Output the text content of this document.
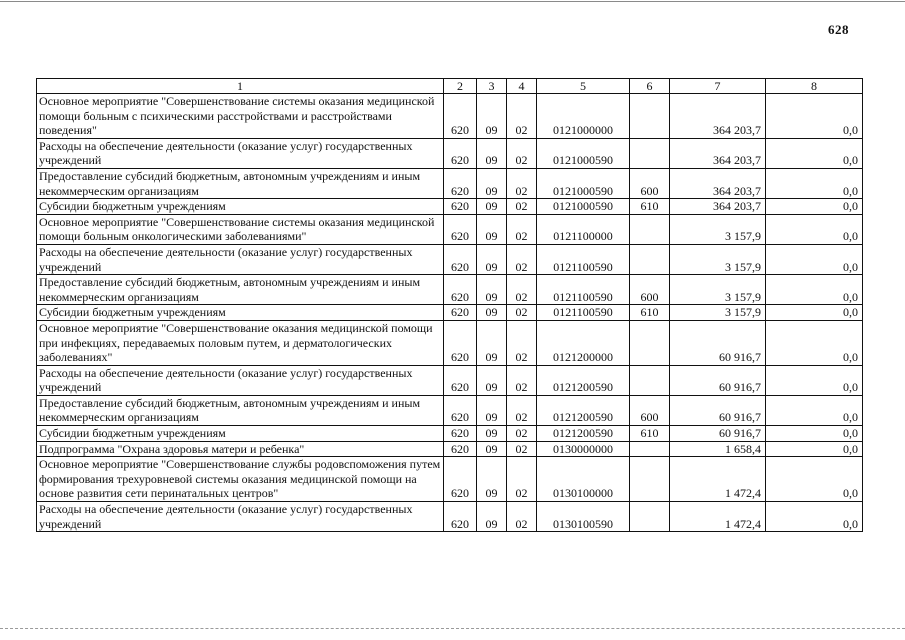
628
1	2	3	4	5	6	7	8
Основное мероприятие "Совершенствование системы оказания медицинской помощи больным с психическими расстройствами и расстройствами поведения"	620	09	02	0121000000		364 203,7	0,0
Расходы на обеспечение деятельности (оказание услуг) государственных учреждений	620	09	02	0121000590		364 203,7	0,0
Предоставление субсидий бюджетным, автономным учреждениям и иным некоммерческим организациям	620	09	02	0121000590	600	364 203,7	0,0
Субсидии бюджетным учреждениям	620	09	02	0121000590	610	364 203,7	0,0
Основное мероприятие "Совершенствование системы оказания медицинской помощи больным онкологическими заболеваниями"	620	09	02	0121100000		3 157,9	0,0
Расходы на обеспечение деятельности (оказание услуг) государственных учреждений	620	09	02	0121100590		3 157,9	0,0
Предоставление субсидий бюджетным, автономным учреждениям и иным некоммерческим организациям	620	09	02	0121100590	600	3 157,9	0,0
Субсидии бюджетным учреждениям	620	09	02	0121100590	610	3 157,9	0,0
Основное мероприятие "Совершенствование оказания медицинской помощи при инфекциях, передаваемых половым путем, и дерматологических заболеваниях"	620	09	02	0121200000		60 916,7	0,0
Расходы на обеспечение деятельности (оказание услуг) государственных учреждений	620	09	02	0121200590		60 916,7	0,0
Предоставление субсидий бюджетным, автономным учреждениям и иным некоммерческим организациям	620	09	02	0121200590	600	60 916,7	0,0
Субсидии бюджетным учреждениям	620	09	02	0121200590	610	60 916,7	0,0
Подпрограмма "Охрана здоровья матери и ребенка"	620	09	02	0130000000		1 658,4	0,0
Основное мероприятие "Совершенствование службы родовспоможения путем формирования трехуровневой системы оказания медицинской помощи на основе развития сети перинатальных центров"	620	09	02	0130100000		1 472,4	0,0
Расходы на обеспечение деятельности (оказание услуг) государственных учреждений	620	09	02	0130100590		1 472,4	0,0
